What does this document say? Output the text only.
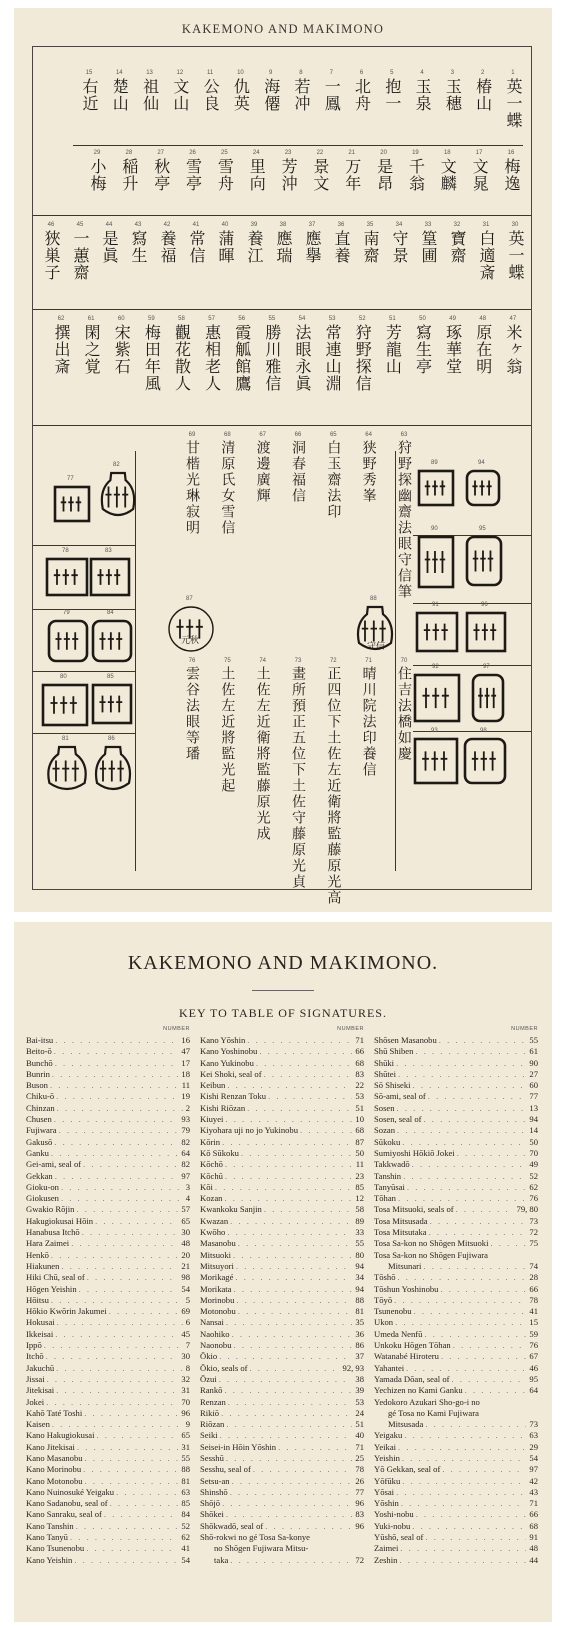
KAKEMONO AND MAKIMONO
1
英一蝶
2
椿山
3
玉穗
4
玉泉
5
抱一
6
北舟
7
一鳳
8
若冲
9
海僊
10
仇英
11
公良
12
文山
13
祖仙
14
楚山
15
右近
16
梅逸
17
文晁
18
文麟
19
千翁
20
是昂
21
万年
22
景文
23
芳沖
24
里向
25
雪舟
26
雪亭
27
秋亭
28
稲升
29
小梅
30
英一蝶
31
白適斎
32
寶齋
33
篁圃
34
守景
35
南齋
36
直養
37
應擧
38
應瑞
39
養江
40
蒲暉
41
常信
42
養福
43
寫生
44
是眞
45
一蕙齋
46
狹巣子
47
米ヶ翁
48
原在明
49
琢華堂
50
寫生亭
51
芳龍山
52
狩野探信
53
常連山淵
54
法眼永眞
55
勝川雅信
56
霞觚館鷹
57
惠相老人
58
觀花散人
59
梅田年風
60
宋紫石
61
閑之覚
62
撰出斎
63
狩野探幽齋法眼守信筆
64
狭野秀峯
65
白玉齋法印
66
洞春福信
67
渡邊廣輝
68
清原氏女雪信
69
甘楷光琳寂明
70
住吉法橋如慶
71
晴川院法印養信
72
正四位下土佐左近衛將監藤原光高
73
畫所預正五位下土佐守藤原光貞
74
土佐左近衛將監藤原光成
75
土佐左近將監光起
76
雲谷法眼等璠
77
82
78	83
79	84
80	85
81	86
87	88
89	94
90	95
91	96
92	97
93	98
元秋
守信
KAKEMONO AND MAKIMONO.
KEY TO TABLE OF SIGNATURES.
NUMBER
Bai-itsu . . .	16
Beito-ō . . .	47
Bunchō . . .	17
Bunrin . . .	18
Buson . . .	11
Chiku-ō . . .	19
Chinzan . . .	2
Chusen . . .	93
Fujiwara . . .	79
Gakusō . . .	82
Ganku . . .	64
Gei-ami, seal of . . .	82
Gekkan . . .	97
Gioku-on . . .	3
Giokusen . . .	4
Gwakio Rōjin . . .	57
Hakugiokusai Hōin . . .	65
Hanabusa Itchō . . .	30
Hara Zaimei . . .	48
Henkō . . .	20
Hiakunen . . .	21
Hiki Chū, seal of . . .	98
Hōgen Yeishin . . .	54
Hōitsu . . .	5
Hōkio Kwōrin Jakumei . . .	69
Hokusai . . .	6
Ikkeisai . . .	45
Ippō . . .	7
Itchō . . .	30
Jakuchū . . .	8
Jissai . . .	32
Jitekisai . . .	31
Jokei . . .	70
Kahō Taté Toshi . . .	96
Kaisen . . .	9
Kano Hakugiokusai . . .	65
Kano Jitekisai . . .	31
Kano Masanobu . . .	55
Kano Morinobu . . .	88
Kano Motonobu . . .	81
Kano Nuinosuké Yeigaku . . .	63
Kano Sadanobu, seal of . . .	85
Kano Sanraku, seal of . . .	84
Kano Tanshin . . .	52
Kano Tanyū . . .	62
Kano Tsunenobu . . .	41
Kano Yeishin . . .	54
NUMBER
Kano Yōshin . . .	71
Kano Yoshinobu . . .	66
Kano Yukinobu . . .	68
Kei Shoki, seal of . . .	83
Keibun . . .	22
Kishi Renzan Toku . . .	53
Kishi Riōzan . . .	51
Kiuyei . . .	10
Kiyohara uji no jo Yukinobu . . .	68
Kōrin . . .	87
Kō Sūkoku . . .	50
Kōchō . . .	11
Kōchū . . .	23
Kōi . . .	85
Kozan . . .	12
Kwankoku Sanjin . . .	58
Kwazan . . .	89
Kwōho . . .	33
Masanobu . . .	55
Mitsuoki . . .	80
Mitsuyori . . .	94
Morikagé . . .	34
Morikata . . .	94
Morinobu . . .	88
Motonobu . . .	81
Nansai . . .	35
Naohiko . . .	36
Naonobu . . .	86
Ōkio . . .	37
Ōkio, seals of . . .	92, 93
Ōzui . . .	38
Rankō . . .	39
Renzan . . .	53
Rikiō . . .	24
Riōzan . . .	51
Seiki . . .	40
Seisei-in Hōin Yōshin . . .	71
Sesshū . . .	25
Sesshu, seal of . . .	78
Setsu-an . . .	26
Shinshō . . .	77
Shōjō . . .	96
Shōkei . . .	83
Shōkwadō, seal of . . .	96
Shō-rokwi no gé Tosa Sa-konye
no Shōgen Fujiwara Mitsu-
taka . . .	72
NUMBER
Shōsen Masanobu . . .	55
Shū Shiben . . .	61
Shūki . . .	90
Shūtei . . .	27
Sō Shiseki . . .	60
Sō-ami, seal of . . .	77
Sosen . . .	13
Sosen, seal of . . .	94
Sozan . . .	14
Sūkoku . . .	50
Sumiyoshi Hōkiō Jokei . . .	70
Takkwadō . . .	49
Tanshin . . .	52
Tanyūsai . . .	62
Tōhan . . .	76
Tosa Mitsuoki, seals of . . .	79, 80
Tosa Mitsusada . . .	73
Tosa Mitsutaka . . .	72
Tosa Sa-kon no Shōgen Mitsuoki . . .	75
Tosa Sa-kon no Shōgen Fujiwara
Mitsunari . . .	74
Tōshō . . .	28
Tōshun Yoshinobu . . .	66
Tōyō . . .	78
Tsunenobu . . .	41
Ukon . . .	15
Umeda Nenfū . . .	59
Unkoku Hōgen Tōhan . . .	76
Watanabé Hiroteru . . .	67
Yahantei . . .	46
Yamada Dōan, seal of . . .	95
Yechizen no Kami Ganku . . .	64
Yedokoro Azukari Sho-go-i no
gé Tosa no Kami Fujiwara
Mitsusada . . .	73
Yeigaku . . .	63
Yeikai . . .	29
Yeishin . . .	54
Yō Gekkan, seal of . . .	97
Yōfūku . . .	42
Yōsai . . .	43
Yōshin . . .	71
Yoshi-nobu . . .	66
Yuki-nobu . . .	68
Yūshō, seal of . . .	91
Zaimei . . .	48
Zeshin . . .	44
